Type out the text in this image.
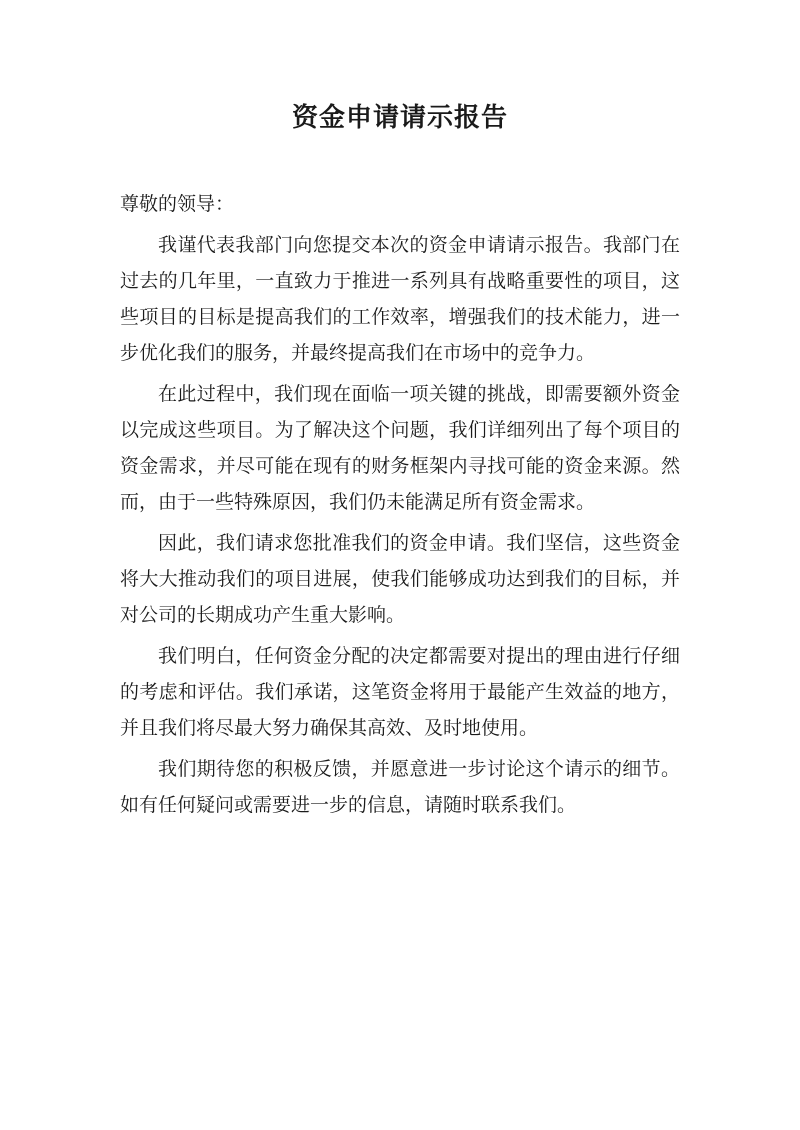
资金申请请示报告

尊敬的领导：

我谨代表我部门向您提交本次的资金申请请示报告。我部门在过去的几年里，一直致力于推进一系列具有战略重要性的项目，这些项目的目标是提高我们的工作效率，增强我们的技术能力，进一步优化我们的服务，并最终提高我们在市场中的竞争力。

在此过程中，我们现在面临一项关键的挑战，即需要额外资金以完成这些项目。为了解决这个问题，我们详细列出了每个项目的资金需求，并尽可能在现有的财务框架内寻找可能的资金来源。然而，由于一些特殊原因，我们仍未能满足所有资金需求。

因此，我们请求您批准我们的资金申请。我们坚信，这些资金将大大推动我们的项目进展，使我们能够成功达到我们的目标，并对公司的长期成功产生重大影响。

我们明白，任何资金分配的决定都需要对提出的理由进行仔细的考虑和评估。我们承诺，这笔资金将用于最能产生效益的地方，并且我们将尽最大努力确保其高效、及时地使用。

我们期待您的积极反馈，并愿意进一步讨论这个请示的细节。如有任何疑问或需要进一步的信息，请随时联系我们。
